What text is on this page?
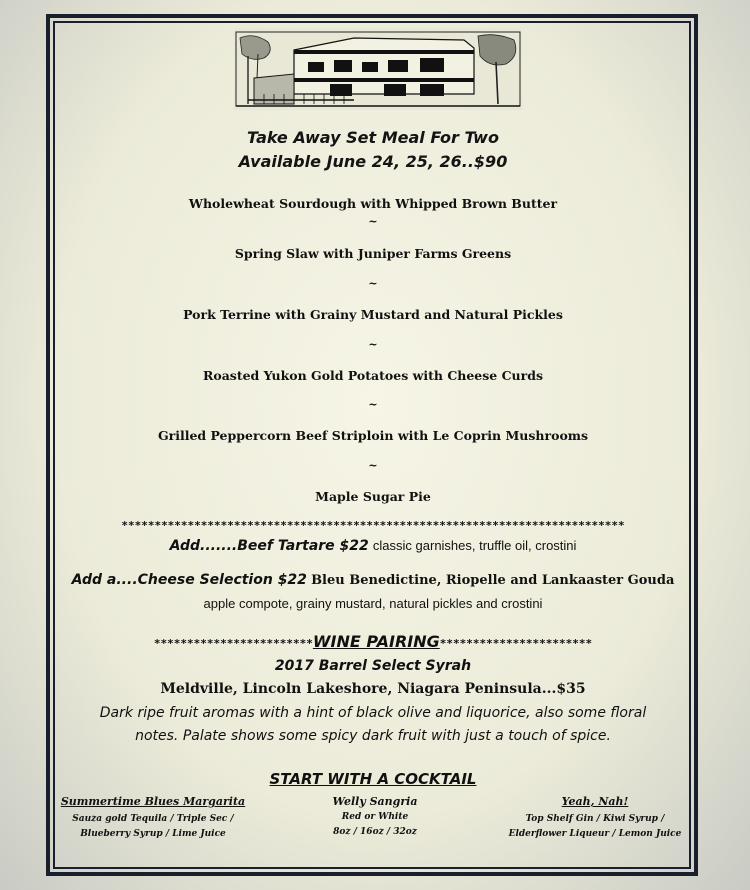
Take Away Set Meal For Two
Available June 24, 25, 26..$90
Wholewheat Sourdough with Whipped Brown Butter
~
Spring Slaw with Juniper Farms Greens
~
Pork Terrine with Grainy Mustard and Natural Pickles
~
Roasted Yukon Gold Potatoes with Cheese Curds
~
Grilled Peppercorn Beef Striploin with Le Coprin Mushrooms
~
Maple Sugar Pie
****************************************************************************
Add.......Beef Tartare $22 classic garnishes, truffle oil, crostini
Add a....Cheese Selection $22 Bleu Benedictine, Riopelle and Lankaaster Gouda
apple compote, grainy mustard, natural pickles and crostini
************************WINE PAIRING***********************
2017 Barrel Select Syrah
Meldville, Lincoln Lakeshore, Niagara Peninsula...$35
Dark ripe fruit aromas with a hint of black olive and liquorice, also some floral
notes. Palate shows some spicy dark fruit with just a touch of spice.
START WITH A COCKTAIL
Summertime Blues Margarita
Sauza gold Tequila / Triple Sec /
Blueberry Syrup / Lime Juice
Welly Sangria
Red or White
8oz / 16oz / 32oz
Yeah, Nah!
Top Shelf Gin / Kiwi Syrup /
Elderflower Liqueur / Lemon Juice
